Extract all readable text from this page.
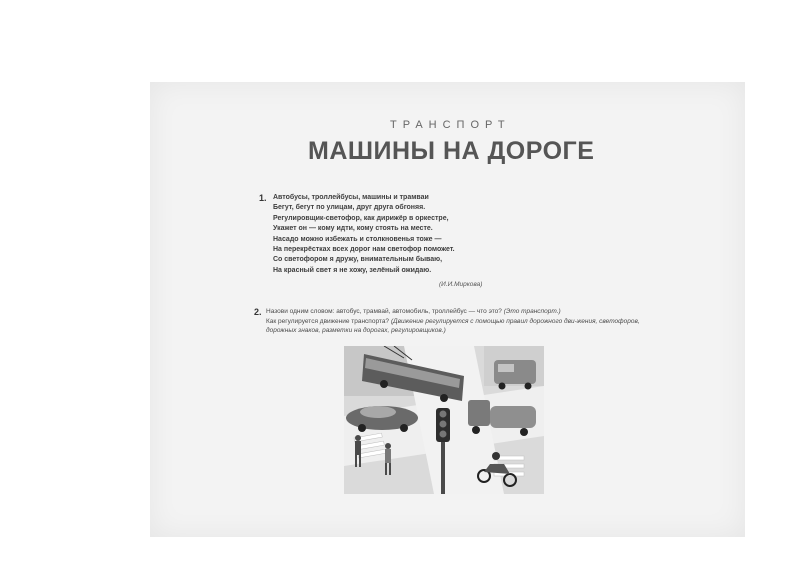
ТРАНСПОРТ
МАШИНЫ НА ДОРОГЕ
1. Автобусы, троллейбусы, машины и трамваи
Бегут, бегут по улицам, друг друга обгоняя.
Регулировщик-светофор, как дирижёр в оркестре,
Укажет он — кому идти, кому стоять на месте.
Насадо можно избежать и столкновенья тоже —
На перекрёстках всех дорог нам светофор поможет.
Со светофором я дружу, внимательным бываю,
На красный свет я не хожу, зелёный ожидаю.
(И.И.Миркова)
2. Назови одним словом: автобус, трамвай, автомобиль, троллейбус — что это? (Это транспорт.)
Как регулируется движение транспорта? (Движение регулируется с помощью правил дорожного дви-жения, светофоров, дорожных знаков, разметки на дорогах, регулировщиков.)
